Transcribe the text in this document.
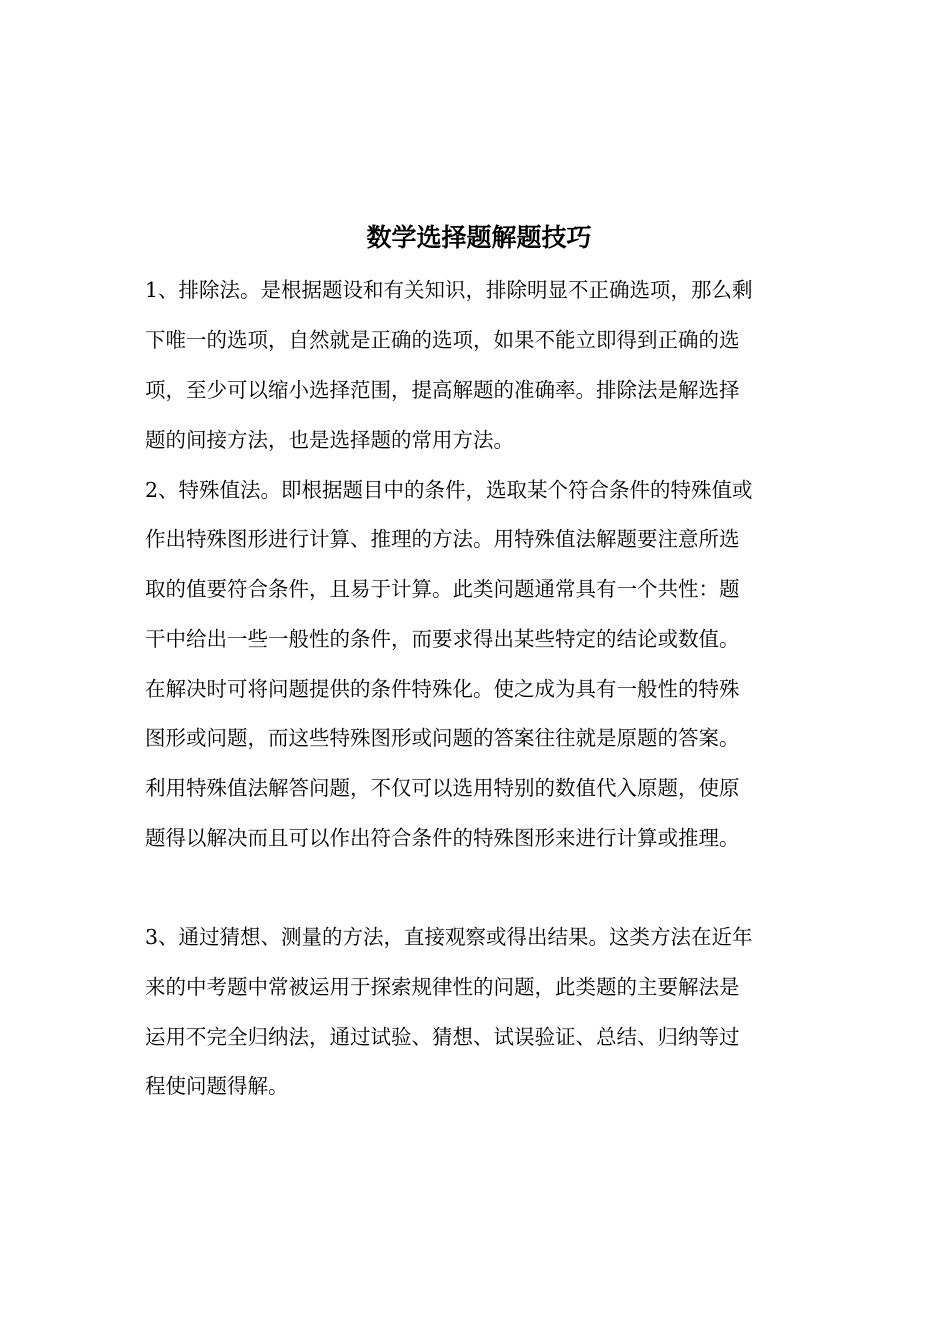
数学选择题解题技巧

1、排除法。是根据题设和有关知识，排除明显不正确选项，那么剩

下唯一的选项，自然就是正确的选项，如果不能立即得到正确的选

项，至少可以缩小选择范围，提高解题的准确率。排除法是解选择

题的间接方法，也是选择题的常用方法。

2、特殊值法。即根据题目中的条件，选取某个符合条件的特殊值或

作出特殊图形进行计算、推理的方法。用特殊值法解题要注意所选

取的值要符合条件，且易于计算。此类问题通常具有一个共性：题

干中给出一些一般性的条件，而要求得出某些特定的结论或数值。

在解决时可将问题提供的条件特殊化。使之成为具有一般性的特殊

图形或问题，而这些特殊图形或问题的答案往往就是原题的答案。

利用特殊值法解答问题，不仅可以选用特别的数值代入原题，使原

题得以解决而且可以作出符合条件的特殊图形来进行计算或推理。

3、通过猜想、测量的方法，直接观察或得出结果。这类方法在近年

来的中考题中常被运用于探索规律性的问题，此类题的主要解法是

运用不完全归纳法，通过试验、猜想、试误验证、总结、归纳等过

程使问题得解。
